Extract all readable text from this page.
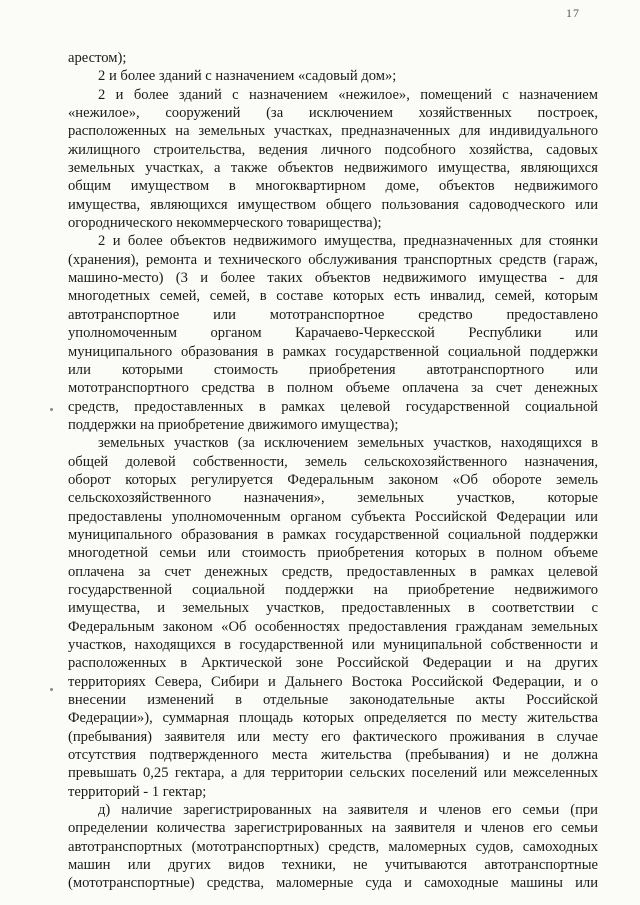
17
арестом);
2 и более зданий с назначением «садовый дом»;
2 и более зданий с назначением «нежилое», помещений с назначением
«нежилое», сооружений (за исключением хозяйственных построек,
расположенных на земельных участках, предназначенных для индивидуального
жилищного строительства, ведения личного подсобного хозяйства, садовых
земельных участках, а также объектов недвижимого имущества, являющихся
общим имуществом в многоквартирном доме, объектов недвижимого
имущества, являющихся имуществом общего пользования садоводческого или
огороднического некоммерческого товарищества);
2 и более объектов недвижимого имущества, предназначенных для стоянки
(хранения), ремонта и технического обслуживания транспортных средств (гараж,
машино-место) (3 и более таких объектов недвижимого имущества - для
многодетных семей, семей, в составе которых есть инвалид, семей, которым
автотранспортное или мототранспортное средство предоставлено
уполномоченным органом Карачаево-Черкесской Республики или
муниципального образования в рамках государственной социальной поддержки
или которыми стоимость приобретения автотранспортного или
мототранспортного средства в полном объеме оплачена за счет денежных
средств, предоставленных в рамках целевой государственной социальной
поддержки на приобретение движимого имущества);
земельных участков (за исключением земельных участков, находящихся в
общей долевой собственности, земель сельскохозяйственного назначения,
оборот которых регулируется Федеральным законом «Об обороте земель
сельскохозяйственного назначения», земельных участков, которые
предоставлены уполномоченным органом субъекта Российской Федерации или
муниципального образования в рамках государственной социальной поддержки
многодетной семьи или стоимость приобретения которых в полном объеме
оплачена за счет денежных средств, предоставленных в рамках целевой
государственной социальной поддержки на приобретение недвижимого
имущества, и земельных участков, предоставленных в соответствии с
Федеральным законом «Об особенностях предоставления гражданам земельных
участков, находящихся в государственной или муниципальной собственности и
расположенных в Арктической зоне Российской Федерации и на других
территориях Севера, Сибири и Дальнего Востока Российской Федерации, и о
внесении изменений в отдельные законодательные акты Российской
Федерации»), суммарная площадь которых определяется по месту жительства
(пребывания) заявителя или месту его фактического проживания в случае
отсутствия подтвержденного места жительства (пребывания) и не должна
превышать 0,25 гектара, а для территории сельских поселений или межселенных
территорий - 1 гектар;
д) наличие зарегистрированных на заявителя и членов его семьи (при
определении количества зарегистрированных на заявителя и членов его семьи
автотранспортных (мототранспортных) средств, маломерных судов, самоходных
машин или других видов техники, не учитываются автотранспортные
(мототранспортные) средства, маломерные суда и самоходные машины или
